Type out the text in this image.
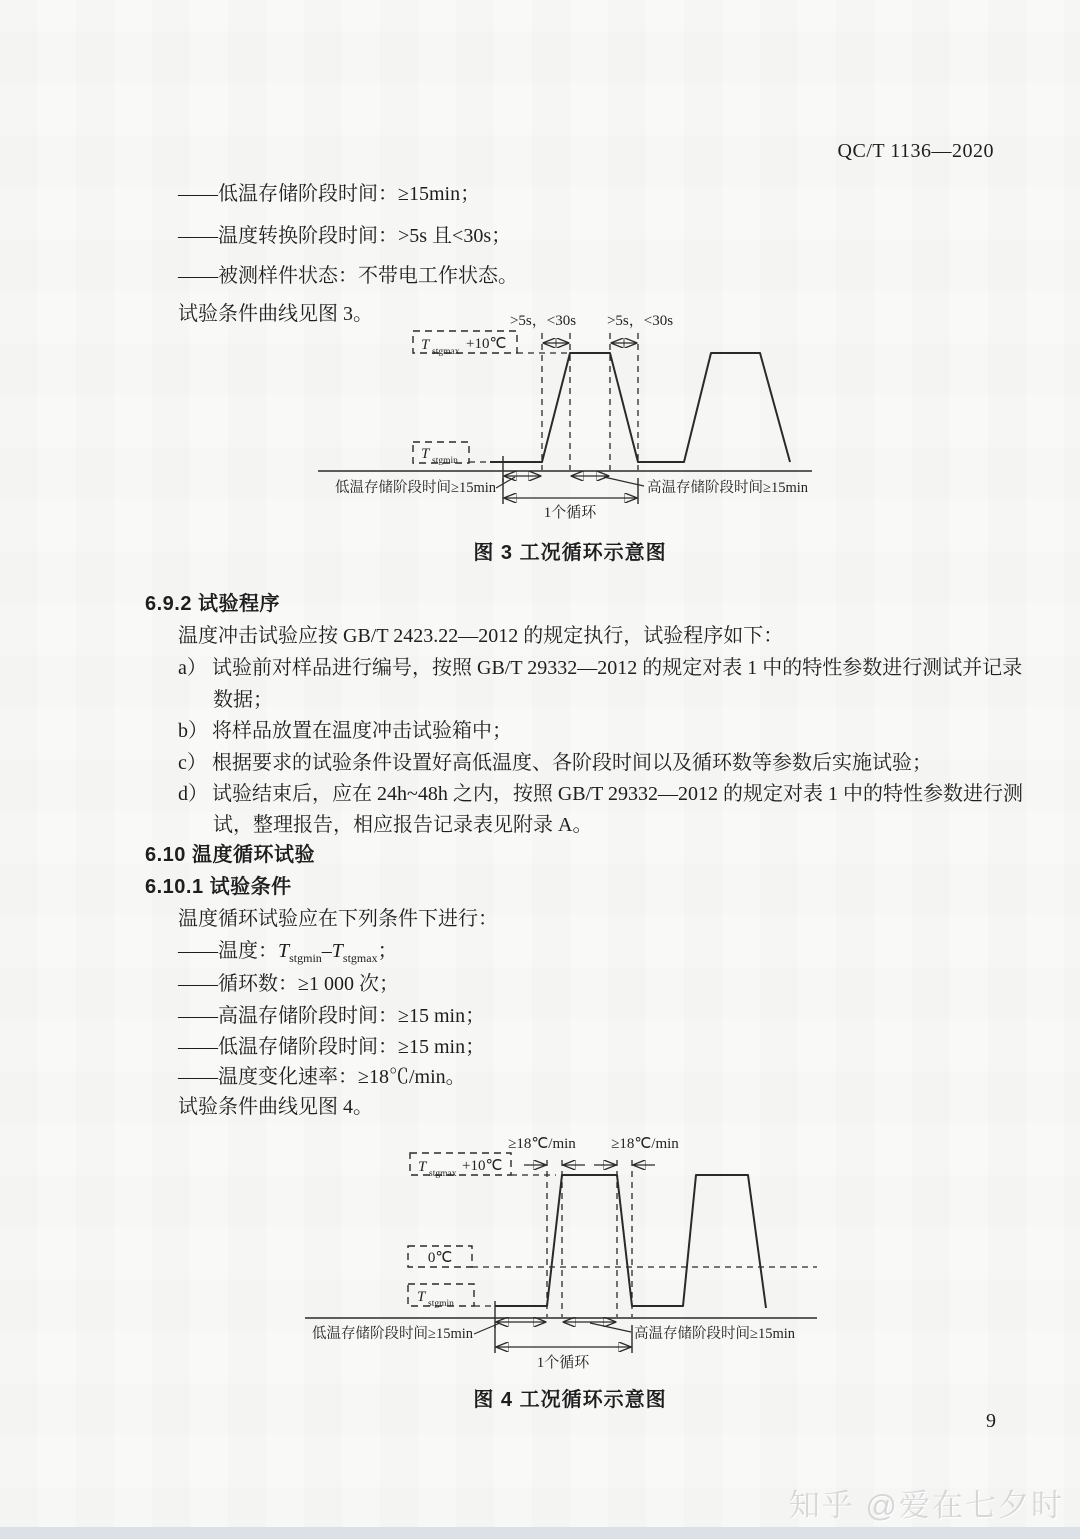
QC/T 1136—2020
——低温存储阶段时间：≥15min；
——温度转换阶段时间：>5s 且<30s；
——被测样件状态：不带电工作状态。
试验条件曲线见图 3。
T stgmax +10℃
T stgmin
>5s，<30s >5s，<30s
低温存储阶段时间≥15min	高温存储阶段时间≥15min
1个循环
图 3 工况循环示意图
6.9.2 试验程序
温度冲击试验应按 GB/T 2423.22—2012 的规定执行，试验程序如下：
a） 试验前对样品进行编号，按照 GB/T 29332—2012 的规定对表 1 中的特性参数进行测试并记录
数据；
b） 将样品放置在温度冲击试验箱中；
c） 根据要求的试验条件设置好高低温度、各阶段时间以及循环数等参数后实施试验；
d） 试验结束后，应在 24h~48h 之内，按照 GB/T 29332—2012 的规定对表 1 中的特性参数进行测
试，整理报告，相应报告记录表见附录 A。
6.10 温度循环试验
6.10.1 试验条件
温度循环试验应在下列条件下进行：
——温度：$T_{stgmin}-T_{stgmax}$；
——循环数：≥1 000 次；
——高温存储阶段时间：≥15 min；
——低温存储阶段时间：≥15 min；
——温度变化速率：≥18℃/min。
试验条件曲线见图 4。
T stgmax +10℃
0℃
T stgmin
≥18℃/min ≥18℃/min
低温存储阶段时间≥15min	高温存储阶段时间≥15min
1个循环
图 4 工况循环示意图
9
知乎 @爱在七夕时
